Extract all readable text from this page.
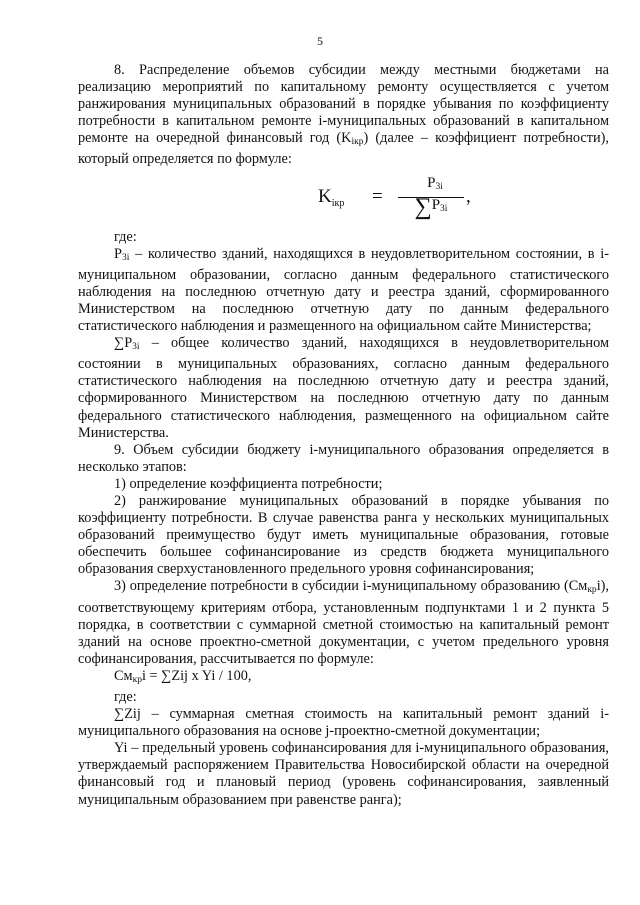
5

8. Распределение объемов субсидии между местными бюджетами на реализацию мероприятий по капитальному ремонту осуществляется с учетом ранжирования муниципальных образований в порядке убывания по коэффициенту потребности в капитальном ремонте i-муниципальных образований в капитальном ремонте на очередной финансовый год $(K_{iкр})$ (далее – коэффициент потребности), который определяется по формуле:

$K_{iкр}$ =
$P_{3i}$
$\sum P_{3i}$
,

где:

$Р_{3i}$ – количество зданий, находящихся в неудовлетворительном состоянии, в i-муниципальном образовании, согласно данным федерального статистического наблюдения на последнюю отчетную дату и реестра зданий, сформированного Министерством на последнюю отчетную дату по данным федерального статистического наблюдения и размещенного на официальном сайте Министерства;

$\sum Р_{3i}$ – общее количество зданий, находящихся в неудовлетворительном состоянии в муниципальных образованиях, согласно данным федерального статистического наблюдения на последнюю отчетную дату и реестра зданий, сформированного Министерством на последнюю отчетную дату по данным федерального статистического наблюдения, размещенного на официальном сайте Министерства.

9. Объем субсидии бюджету i-муниципального образования определяется в несколько этапов:

1) определение коэффициента потребности;

2) ранжирование муниципальных образований в порядке убывания по коэффициенту потребности. В случае равенства ранга у нескольких муниципальных образований преимущество будут иметь муниципальные образования, готовые обеспечить большее софинансирование из средств бюджета муниципального образования сверхустановленного предельного уровня софинансирования;

3) определение потребности в субсидии i-муниципальному образованию $(См_{кр}i)$, соответствующему критериям отбора, установленным подпунктами 1 и 2 пункта 5 порядка, в соответствии с суммарной сметной стоимостью на капитальный ремонт зданий на основе проектно-сметной документации, с учетом предельного уровня софинансирования, рассчитывается по формуле:

$См_{кр}i = \sum Zij$ x Yi / 100,

где:

∑Zij – суммарная сметная стоимость на капитальный ремонт зданий i-муниципального образования на основе j-проектно-сметной документации;

Yi – предельный уровень софинансирования для i-муниципального образования, утверждаемый распоряжением Правительства Новосибирской области на очередной финансовый год и плановый период (уровень софинансирования, заявленный муниципальным образованием при равенстве ранга);
